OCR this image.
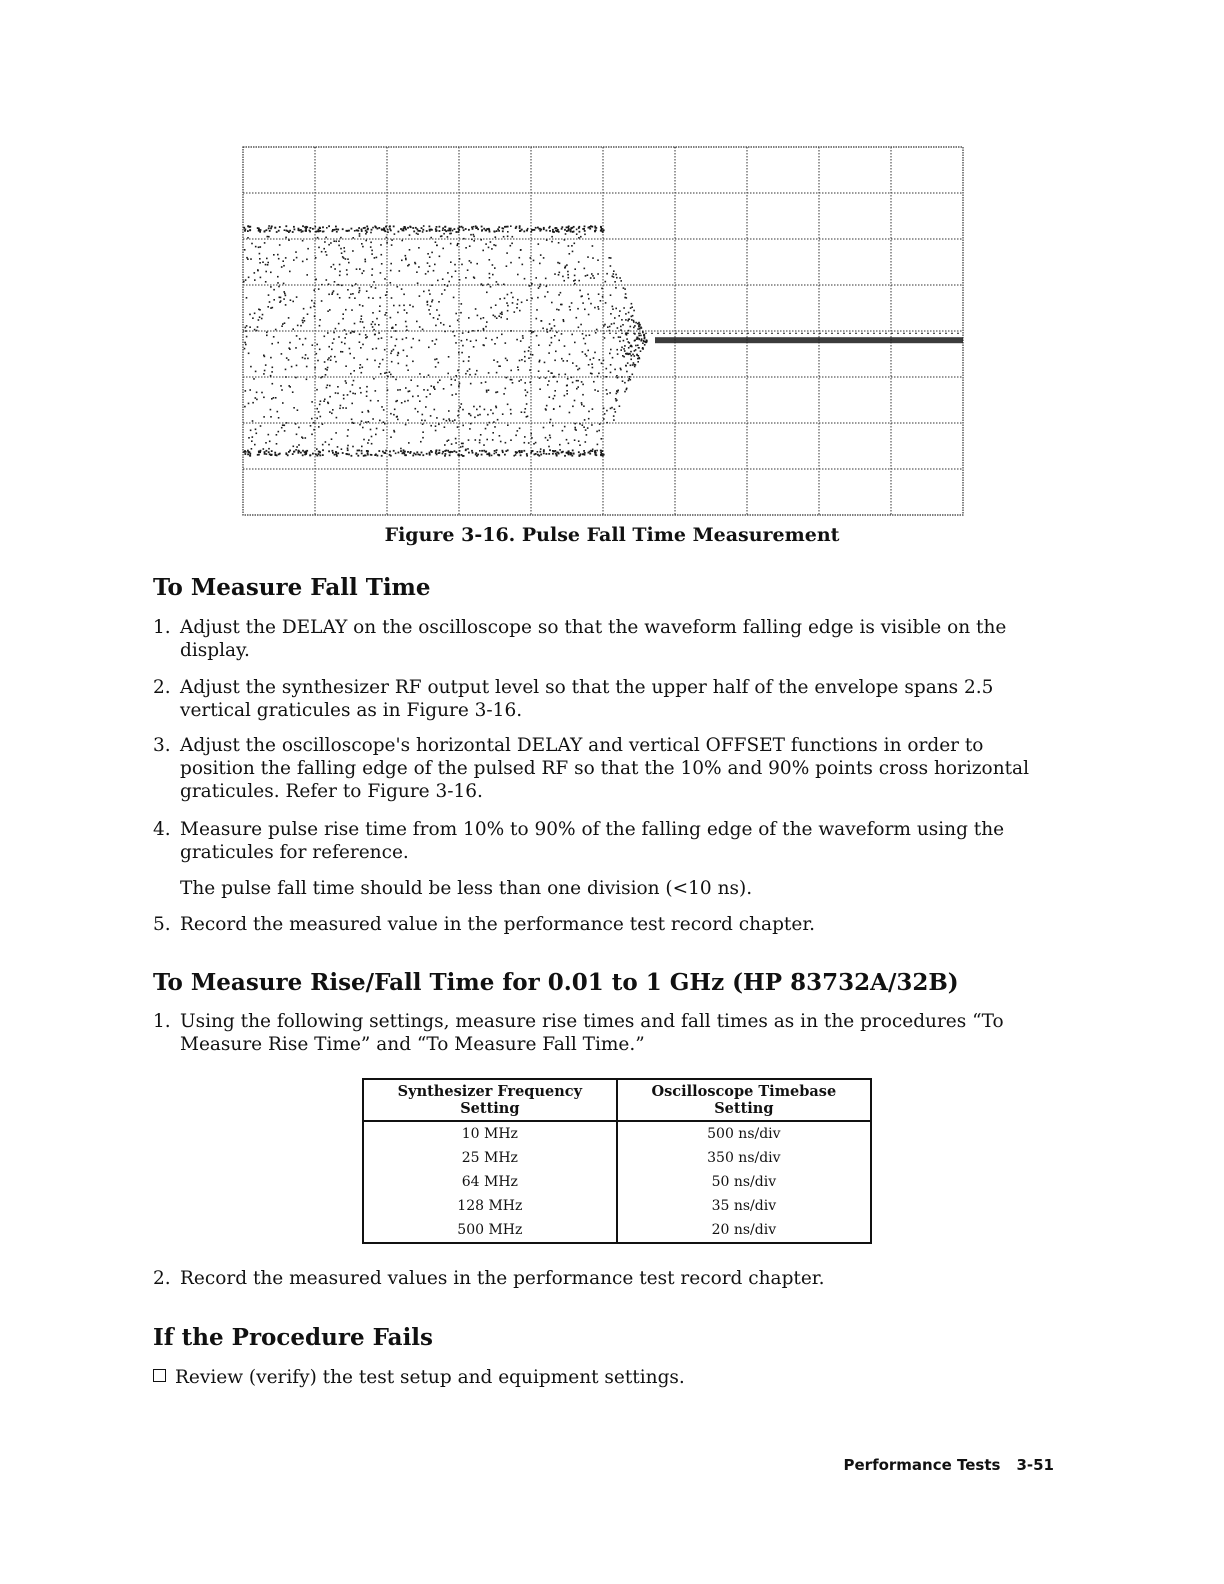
Figure 3-16. Pulse Fall Time Measurement
To Measure Fall Time
1. Adjust the DELAY on the oscilloscope so that the waveform falling edge is visible on the display.
2. Adjust the synthesizer RF output level so that the upper half of the envelope spans 2.5 vertical graticules as in Figure 3-16.
3. Adjust the oscilloscope's horizontal DELAY and vertical OFFSET functions in order to position the falling edge of the pulsed RF so that the 10% and 90% points cross horizontal graticules. Refer to Figure 3-16.
4. Measure pulse rise time from 10% to 90% of the falling edge of the waveform using the graticules for reference.
The pulse fall time should be less than one division (<10 ns).
5. Record the measured value in the performance test record chapter.
To Measure Rise/Fall Time for 0.01 to 1 GHz (HP 83732A/32B)
1. Using the following settings, measure rise times and fall times as in the procedures “To Measure Rise Time” and “To Measure Fall Time.”
Synthesizer Frequency Setting	Oscilloscope Timebase Setting
10 MHz	500 ns/div
25 MHz	350 ns/div
64 MHz	50 ns/div
128 MHz	35 ns/div
500 MHz	20 ns/div
2. Record the measured values in the performance test record chapter.
If the Procedure Fails
Review (verify) the test setup and equipment settings.
Performance Tests 3-51
